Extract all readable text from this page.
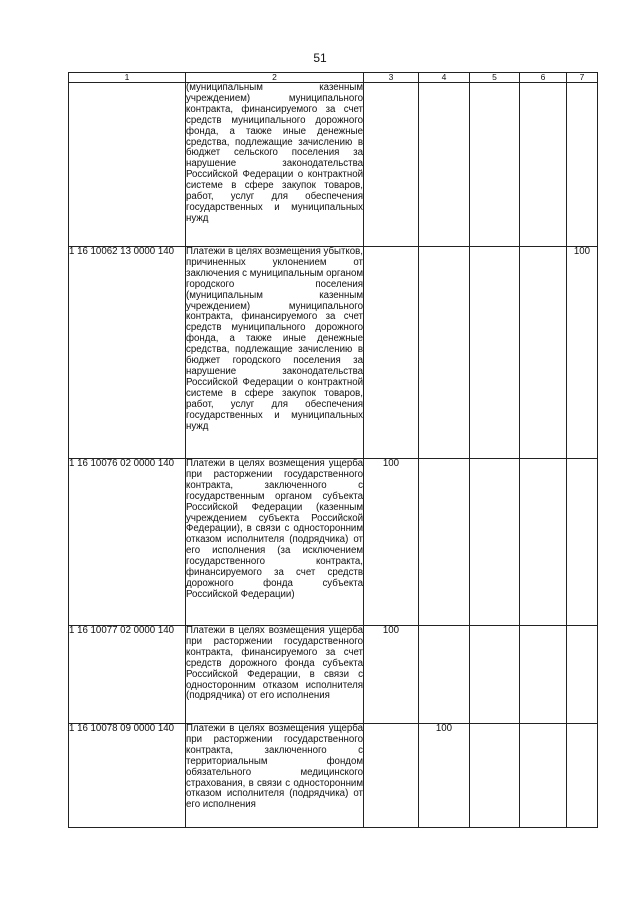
51
1	2	3	4	5	6	7
	(муниципальным казенным учреждением) муниципального контракта, финансируемого за счет средств муниципального дорожного фонда, а также иные денежные средства, подлежащие зачислению в бюджет сельского поселения за нарушение законодательства Российской Федерации о контрактной системе в сфере закупок товаров, работ, услуг для обеспечения государственных и муниципальных нужд					
1 16 10062 13 0000 140	Платежи в целях возмещения убытков, причиненных уклонением от заключения с муниципальным органом городского поселения (муниципальным казенным учреждением) муниципального контракта, финансируемого за счет средств муниципального дорожного фонда, а также иные денежные средства, подлежащие зачислению в бюджет городского поселения за нарушение законодательства Российской Федерации о контрактной системе в сфере закупок товаров, работ, услуг для обеспечения государственных и муниципальных нужд					100
1 16 10076 02 0000 140	Платежи в целях возмещения ущерба при расторжении государственного контракта, заключенного с государственным органом субъекта Российской Федерации (казенным учреждением субъекта Российской Федерации), в связи с односторонним отказом исполнителя (подрядчика) от его исполнения (за исключением государственного контракта, финансируемого за счет средств дорожного фонда субъекта Российской Федерации)	100				
1 16 10077 02 0000 140	Платежи в целях возмещения ущерба при расторжении государственного контракта, финансируемого за счет средств дорожного фонда субъекта Российской Федерации, в связи с односторонним отказом исполнителя (подрядчика) от его исполнения	100				
1 16 10078 09 0000 140	Платежи в целях возмещения ущерба при расторжении государственного контракта, заключенного с территориальным фондом обязательного медицинского страхования, в связи с односторонним отказом исполнителя (подрядчика) от его исполнения		100			
